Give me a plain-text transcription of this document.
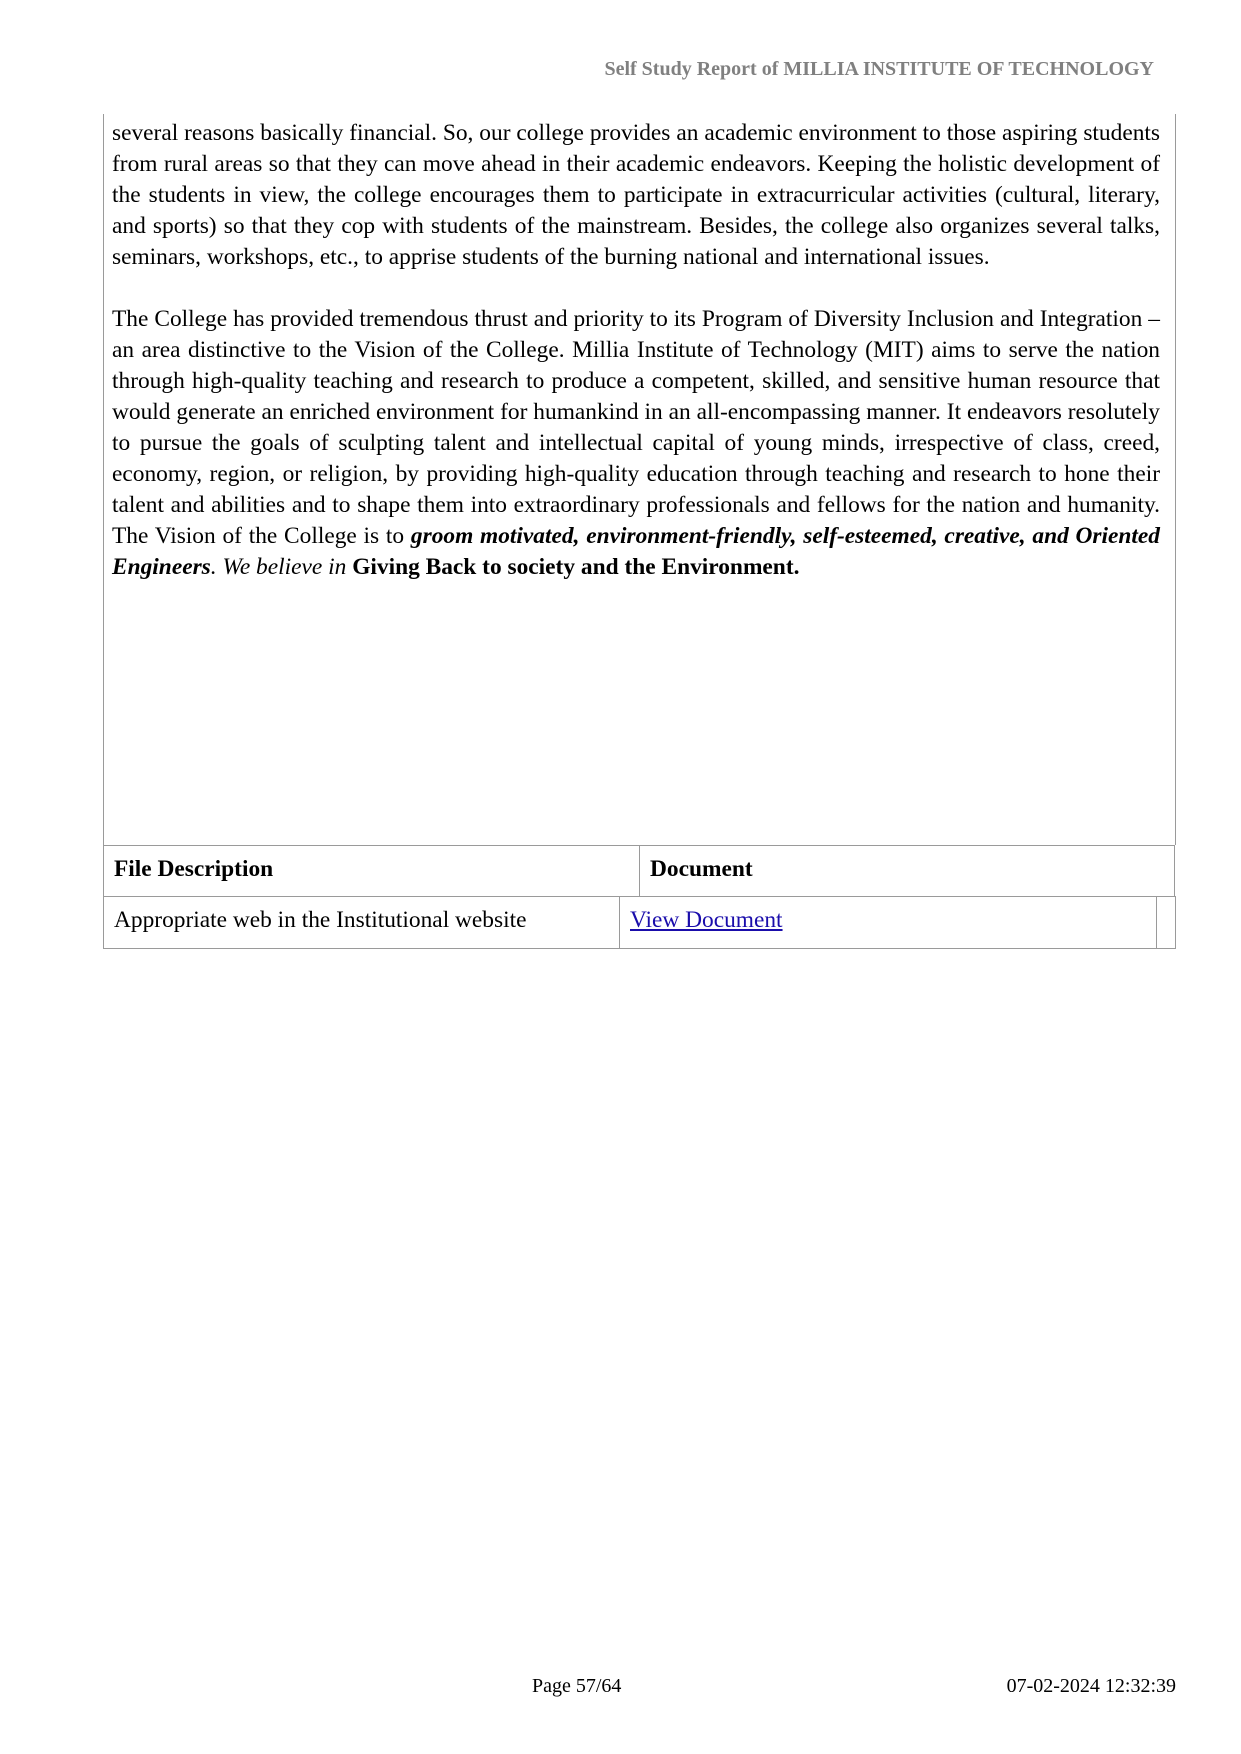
Self Study Report of MILLIA INSTITUTE OF TECHNOLOGY

several reasons basically financial. So, our college provides an academic environment to those aspiring students from rural areas so that they can move ahead in their academic endeavors. Keeping the holistic development of the students in view, the college encourages them to participate in extracurricular activities (cultural, literary, and sports) so that they cop with students of the mainstream. Besides, the college also organizes several talks, seminars, workshops, etc., to apprise students of the burning national and international issues.

The College has provided tremendous thrust and priority to its Program of Diversity Inclusion and Integration – an area distinctive to the Vision of the College. Millia Institute of Technology (MIT) aims to serve the nation through high-quality teaching and research to produce a competent, skilled, and sensitive human resource that would generate an enriched environment for humankind in an all-encompassing manner. It endeavors resolutely to pursue the goals of sculpting talent and intellectual capital of young minds, irrespective of class, creed, economy, region, or religion, by providing high-quality education through teaching and research to hone their talent and abilities and to shape them into extraordinary professionals and fellows for the nation and humanity. The Vision of the College is to groom motivated, environment-friendly, self-esteemed, creative, and Oriented Engineers. We believe in Giving Back to society and the Environment.

File Description	Document
Appropriate web in the Institutional website	View Document
Page 57/64	07-02-2024 12:32:39
